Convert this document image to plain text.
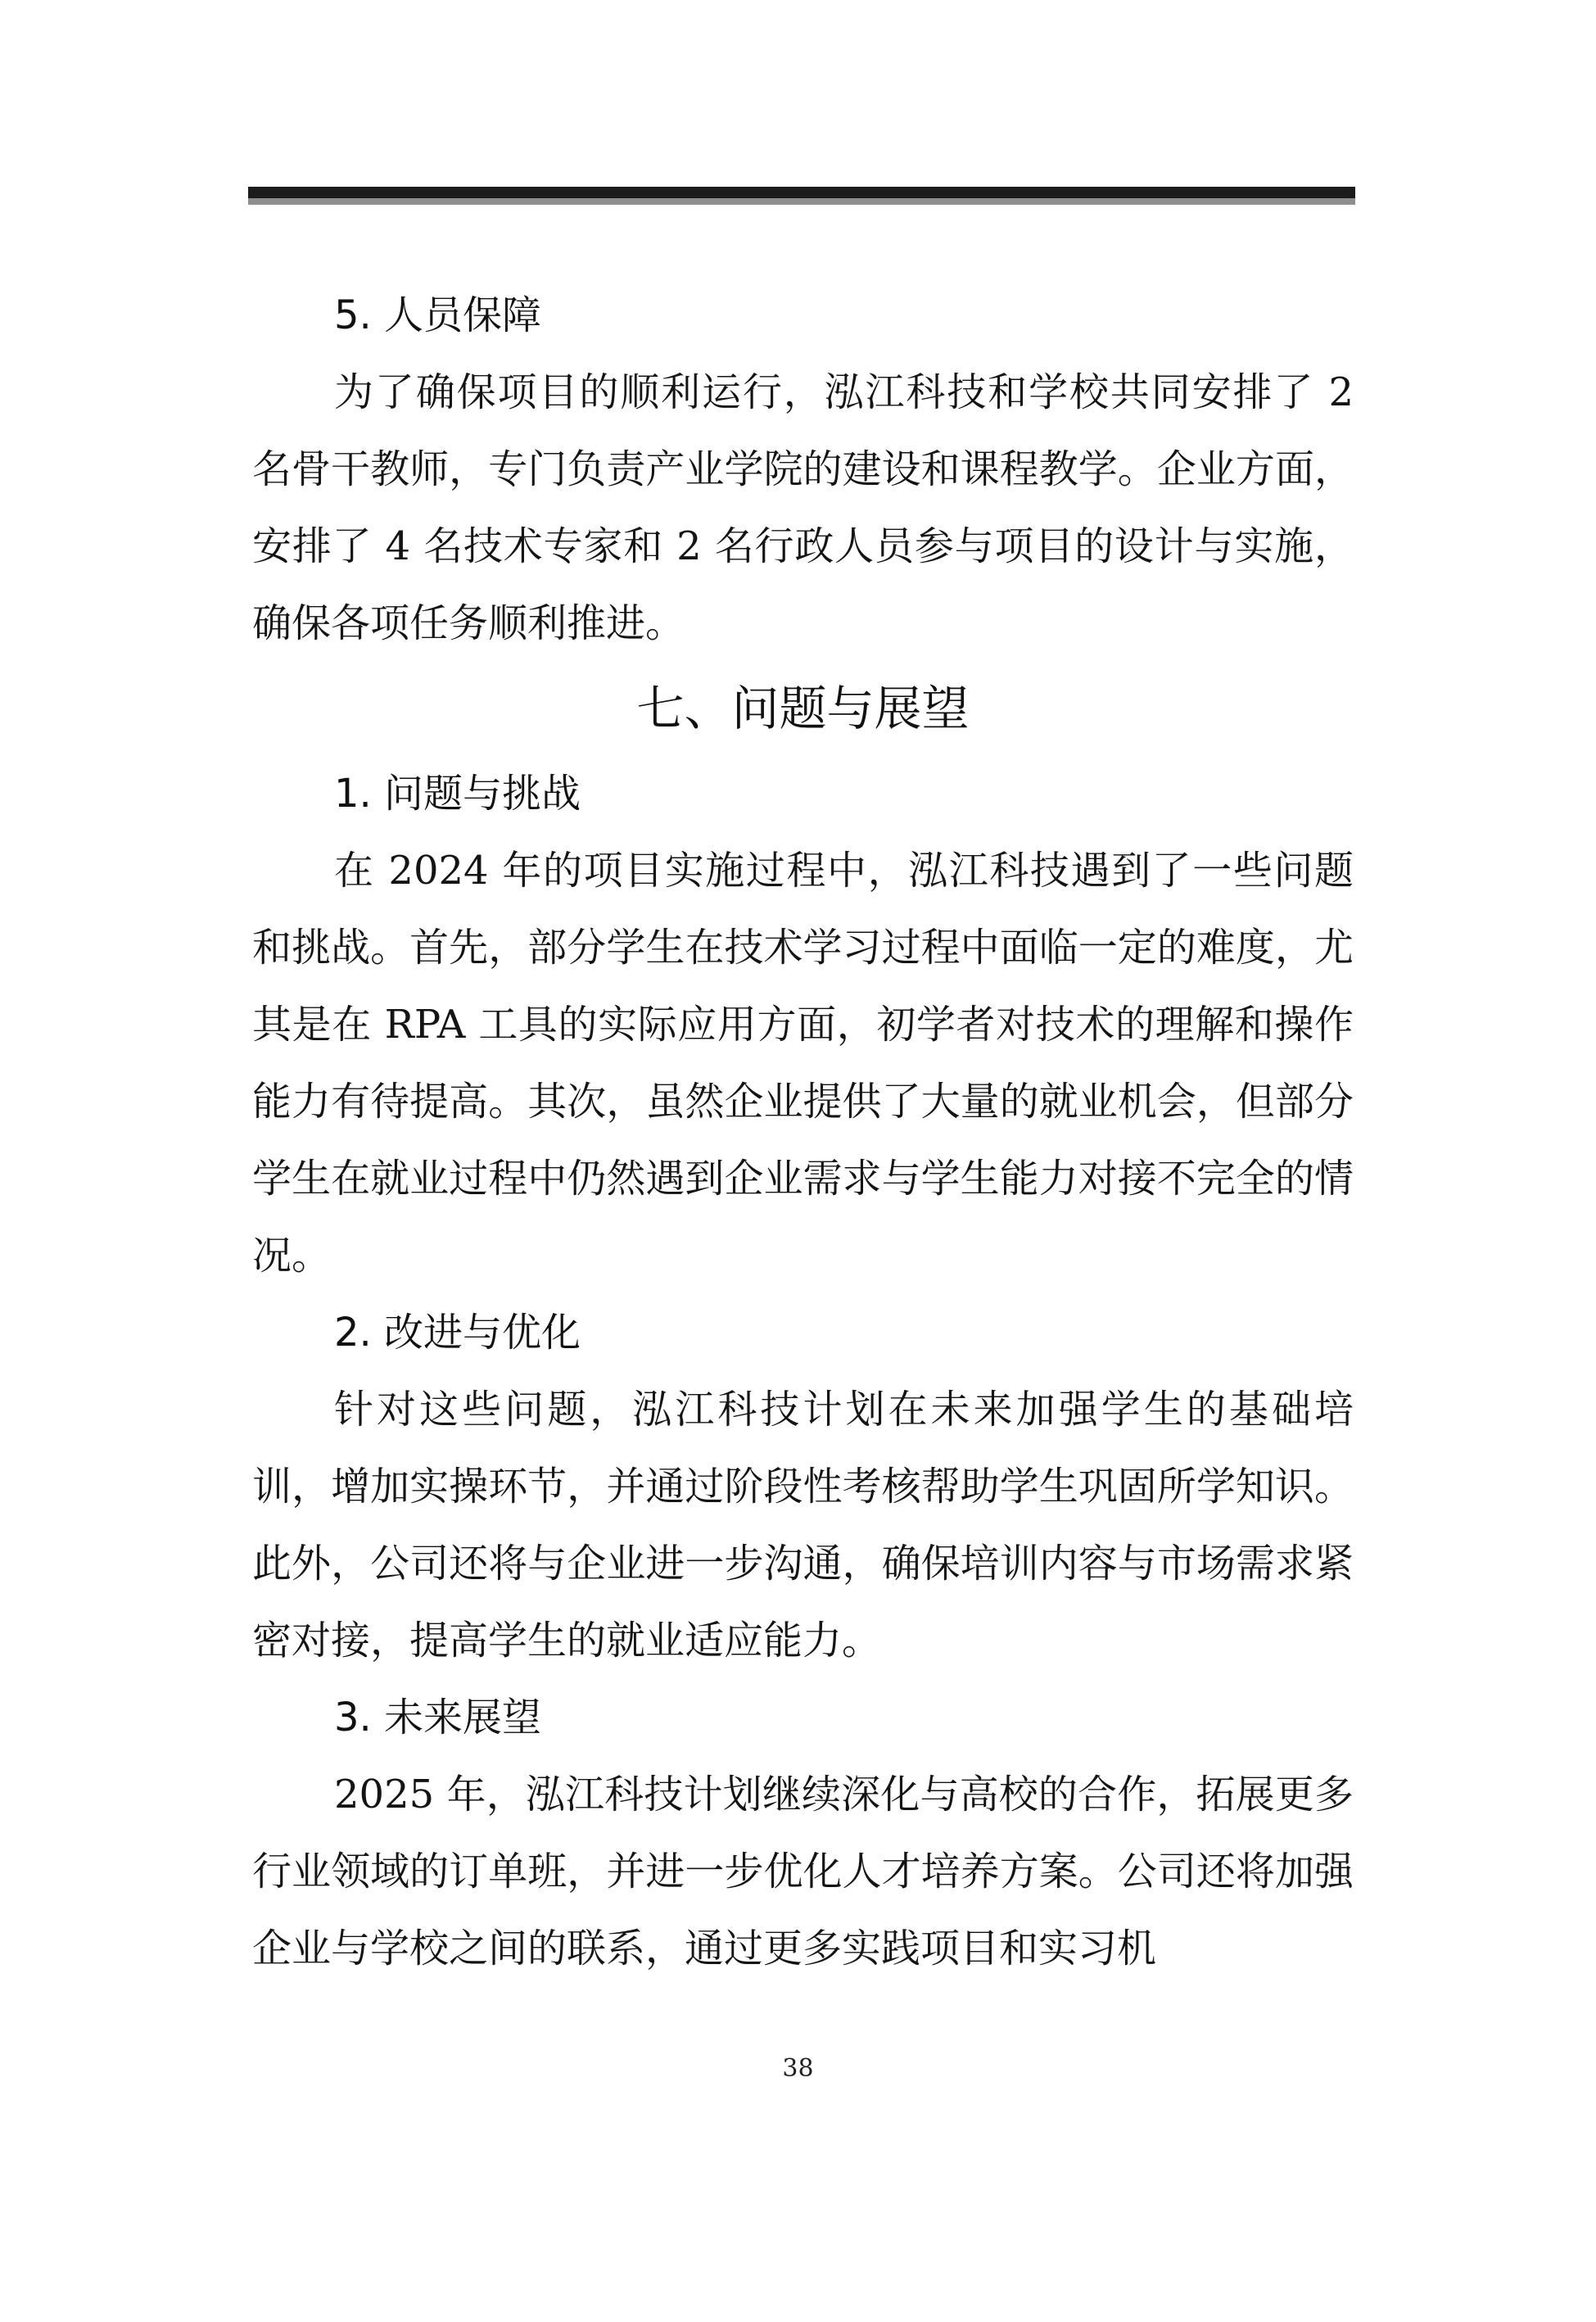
5. 人员保障

为了确保项目的顺利运行，泓江科技和学校共同安排了 2 名骨干教师，专门负责产业学院的建设和课程教学。企业方面，安排了 4 名技术专家和 2 名行政人员参与项目的设计与实施，确保各项任务顺利推进。

七、问题与展望
1. 问题与挑战

在 2024 年的项目实施过程中，泓江科技遇到了一些问题和挑战。首先，部分学生在技术学习过程中面临一定的难度，尤其是在 RPA 工具的实际应用方面，初学者对技术的理解和操作能力有待提高。其次，虽然企业提供了大量的就业机会，但部分学生在就业过程中仍然遇到企业需求与学生能力对接不完全的情况。

2. 改进与优化

针对这些问题，泓江科技计划在未来加强学生的基础培训，增加实操环节，并通过阶段性考核帮助学生巩固所学知识。此外，公司还将与企业进一步沟通，确保培训内容与市场需求紧密对接，提高学生的就业适应能力。

3. 未来展望

2025 年，泓江科技计划继续深化与高校的合作，拓展更多行业领域的订单班，并进一步优化人才培养方案。公司还将加强企业与学校之间的联系，通过更多实践项目和实习机

38
